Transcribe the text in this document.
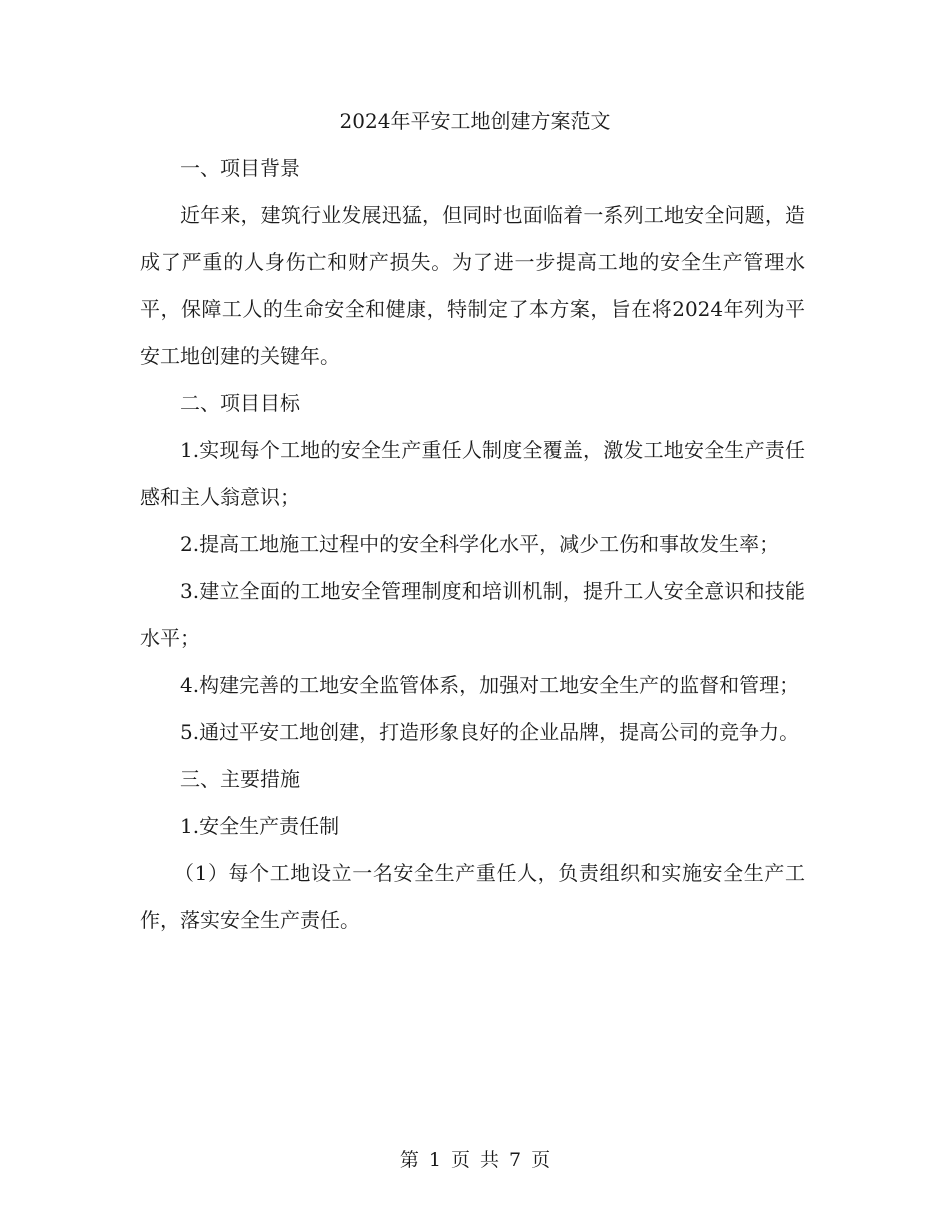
2024年平安工地创建方案范文

一、项目背景

近年来，建筑行业发展迅猛，但同时也面临着一系列工地安全问题，造成了严重的人身伤亡和财产损失。为了进一步提高工地的安全生产管理水平，保障工人的生命安全和健康，特制定了本方案，旨在将2024年列为平安工地创建的关键年。

二、项目目标

1.实现每个工地的安全生产重任人制度全覆盖，激发工地安全生产责任感和主人翁意识；

2.提高工地施工过程中的安全科学化水平，减少工伤和事故发生率；

3.建立全面的工地安全管理制度和培训机制，提升工人安全意识和技能水平；

4.构建完善的工地安全监管体系，加强对工地安全生产的监督和管理；

5.通过平安工地创建，打造形象良好的企业品牌，提高公司的竞争力。

三、主要措施

1.安全生产责任制

（1）每个工地设立一名安全生产重任人，负责组织和实施安全生产工作，落实安全生产责任。

第 1 页 共 7 页
